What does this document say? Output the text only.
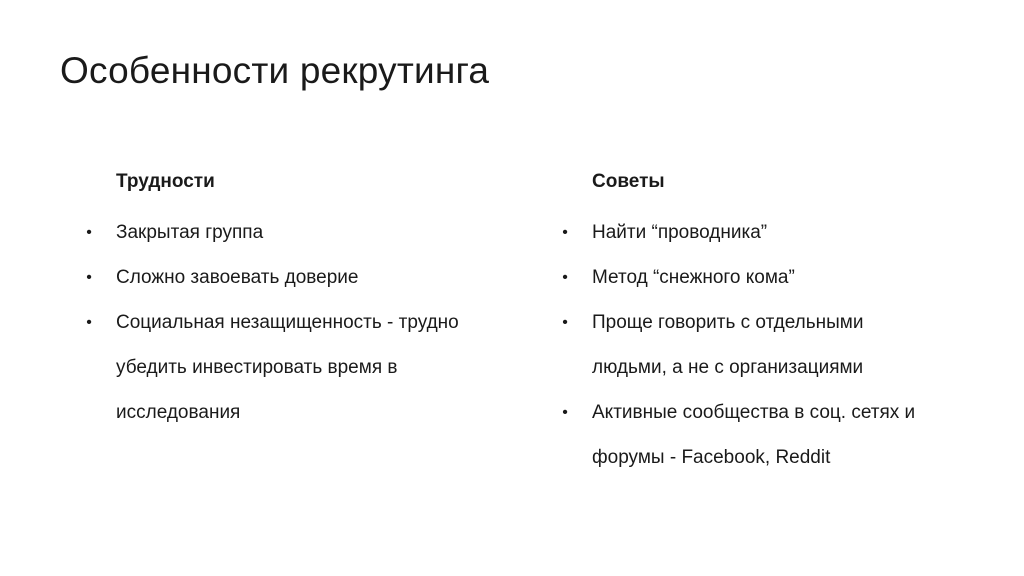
Особенности рекрутинга
Трудности
• Закрытая группа
• Сложно завоевать доверие
• Социальная незащищенность - трудно убедить инвестировать время в исследования
Советы
• Найти “проводника”
• Метод “снежного кома”
• Проще говорить с отдельными людьми, а не с организациями
• Активные сообщества в соц. сетях и форумы - Facebook, Reddit
